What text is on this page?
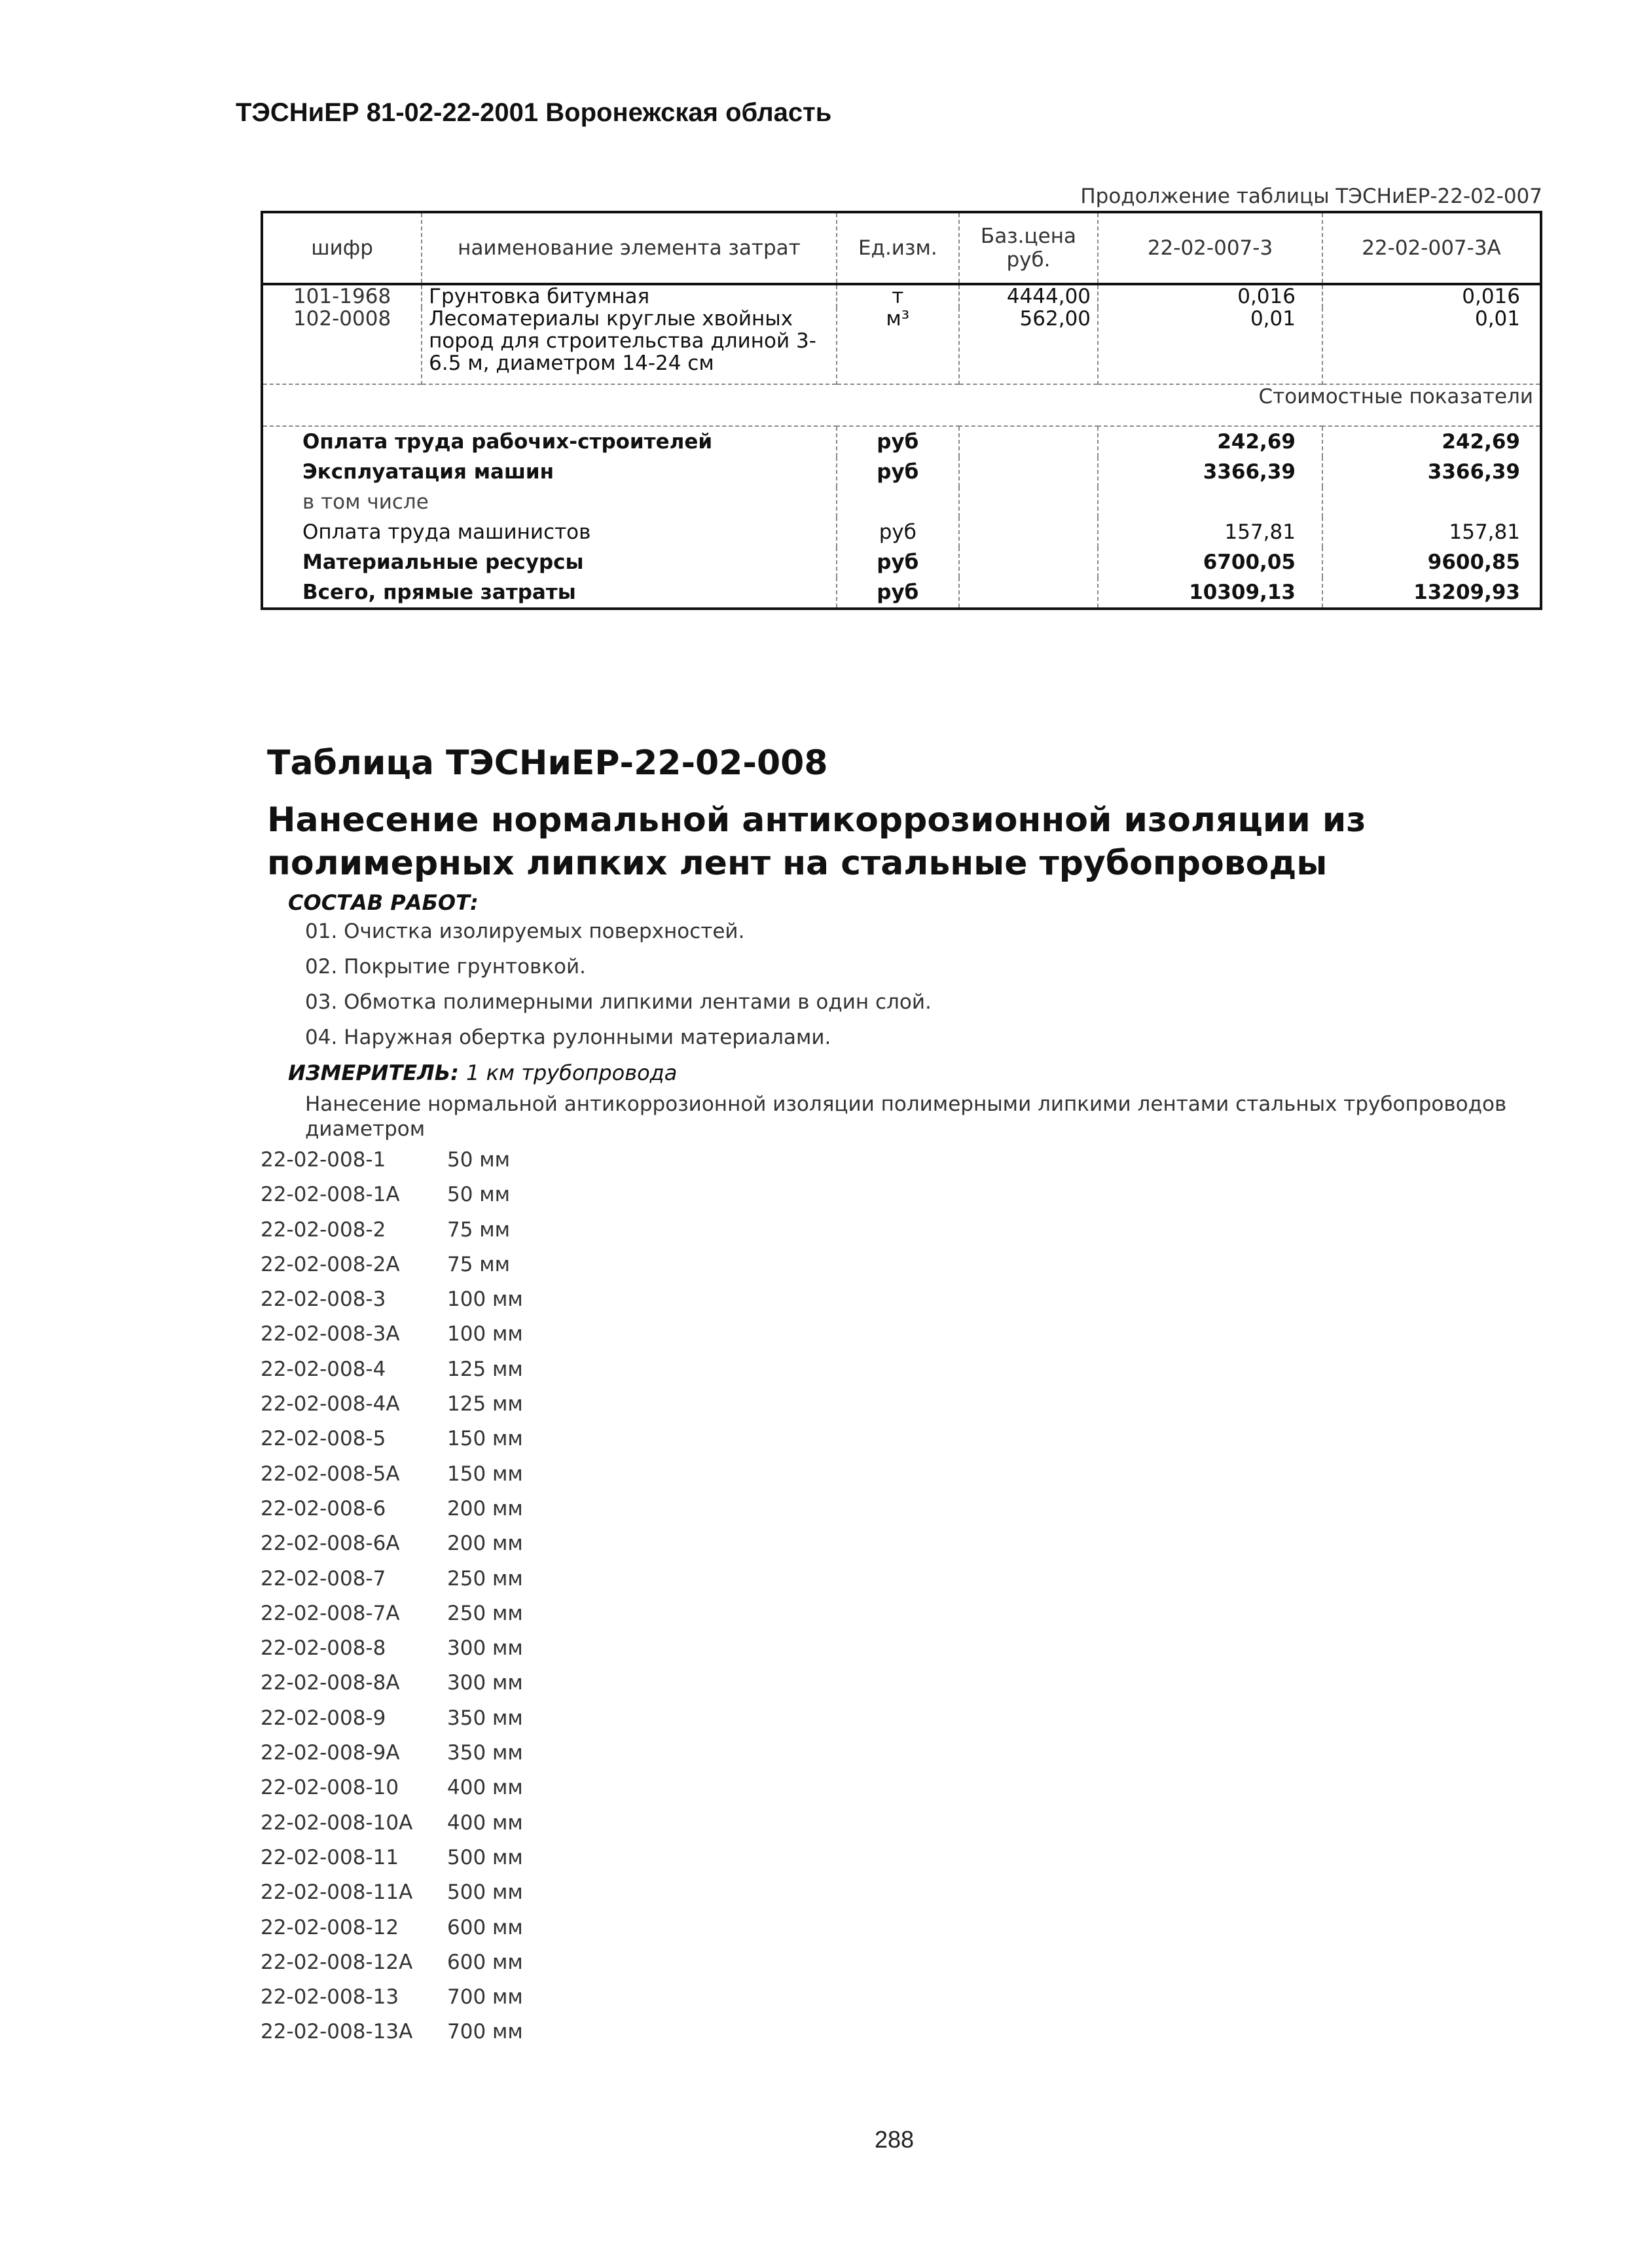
ТЭСНиЕР 81-02-22-2001 Воронежская область
Продолжение таблицы ТЭСНиЕР-22-02-007
шифр	наименование элемента затрат	Ед.изм.	Баз.цена руб.	22-02-007-3	22-02-007-3А
101-1968	Грунтовка битумная	т	4444,00	0,016	0,016
102-0008	Лесоматериалы круглые хвойных пород для строительства длиной 3-6.5 м, диаметром 14-24 см	м³	562,00	0,01	0,01
Стоимостные показатели					
Оплата труда рабочих-строителей		руб		242,69	242,69
Эксплуатация машин		руб		3366,39	3366,39
в том числе					
Оплата труда машинистов		руб		157,81	157,81
Материальные ресурсы		руб		6700,05	9600,85
Всего, прямые затраты		руб		10309,13	13209,93
Таблица ТЭСНиЕР-22-02-008
Нанесение нормальной антикоррозионной изоляции из полимерных липких лент на стальные трубопроводы
СОСТАВ РАБОТ:
01. Очистка изолируемых поверхностей.
02. Покрытие грунтовкой.
03. Обмотка полимерными липкими лентами в один слой.
04. Наружная обертка рулонными материалами.
ИЗМЕРИТЕЛЬ: 1 км трубопровода
Нанесение нормальной антикоррозионной изоляции полимерными липкими лентами стальных трубопроводов диаметром
22-02-008-1	50 мм
22-02-008-1А 50 мм
22-02-008-2	75 мм
22-02-008-2А 75 мм
22-02-008-3	100 мм
22-02-008-3А 100 мм
22-02-008-4	125 мм
22-02-008-4А 125 мм
22-02-008-5	150 мм
22-02-008-5А 150 мм
22-02-008-6	200 мм
22-02-008-6А 200 мм
22-02-008-7	250 мм
22-02-008-7А 250 мм
22-02-008-8	300 мм
22-02-008-8А 300 мм
22-02-008-9	350 мм
22-02-008-9А 350 мм
22-02-008-10 400 мм
22-02-008-10А 400 мм
22-02-008-11 500 мм
22-02-008-11А 500 мм
22-02-008-12 600 мм
22-02-008-12А 600 мм
22-02-008-13 700 мм
22-02-008-13А 700 мм
288
